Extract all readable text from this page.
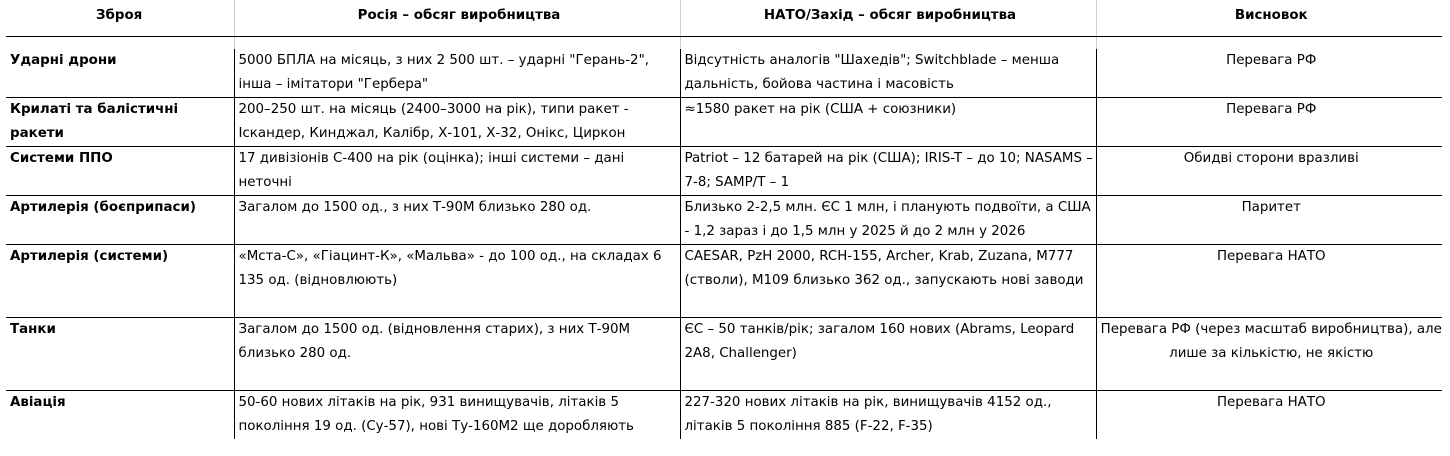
Зброя	Росія – обсяг виробництва	НАТО/Захід – обсяг виробництва	Висновок

Ударні дрони	5000 БПЛА на місяць, з них 2 500 шт. – ударні "Герань-2", інша – імітатори "Гербера"	Відсутність аналогів "Шахедів"; Switchblade – менша дальність, бойова частина і масовість	Перевага РФ
Крилаті та балістичні ракети	200–250 шт. на місяць (2400–3000 на рік), типи ракет - Іскандер, Кинджал, Калібр, Х-101, Х-32, Онікс, Циркон	≈1580 ракет на рік (США + союзники)	Перевага РФ
Системи ППО	17 дивізіонів С-400 на рік (оцінка); інші системи – дані неточні	Patriot – 12 батарей на рік (США); IRIS-T – до 10; NASAMS – 7-8; SAMP/T – 1	Обидві сторони вразливі
Артилерія (боєприпаси)	Загалом до 1500 од., з них Т-90М близько 280 од.	Близько 2-2,5 млн. ЄС 1 млн, і планують подвоїти, а США - 1,2 зараз і до 1,5 млн у 2025 й до 2 млн у 2026	Паритет
Артилерія (системи)	«Мста-С», «Гіацинт-К», «Мальва» - до 100 од., на складах 6 135 од. (відновлюють)	CAESAR, PzH 2000, RCH-155, Archer, Krab, Zuzana, M777 (стволи), M109 близько 362 од., запускають нові заводи	Перевага НАТО
Танки	Загалом до 1500 од. (відновлення старих), з них Т-90М близько 280 од.	ЄС – 50 танків/рік; загалом 160 нових (Abrams, Leopard 2A8, Challenger)	Перевага РФ (через масштаб виробництва), але лише за кількістю, не якістю
Авіація	50-60 нових літаків на рік, 931 винищувачів, літаків 5 покоління 19 од. (Су-57), нові Ту-160М2 ще доробляють	227-320 нових літаків на рік, винищувачів 4152 од., літаків 5 покоління 885 (F-22, F-35)	Перевага НАТО
